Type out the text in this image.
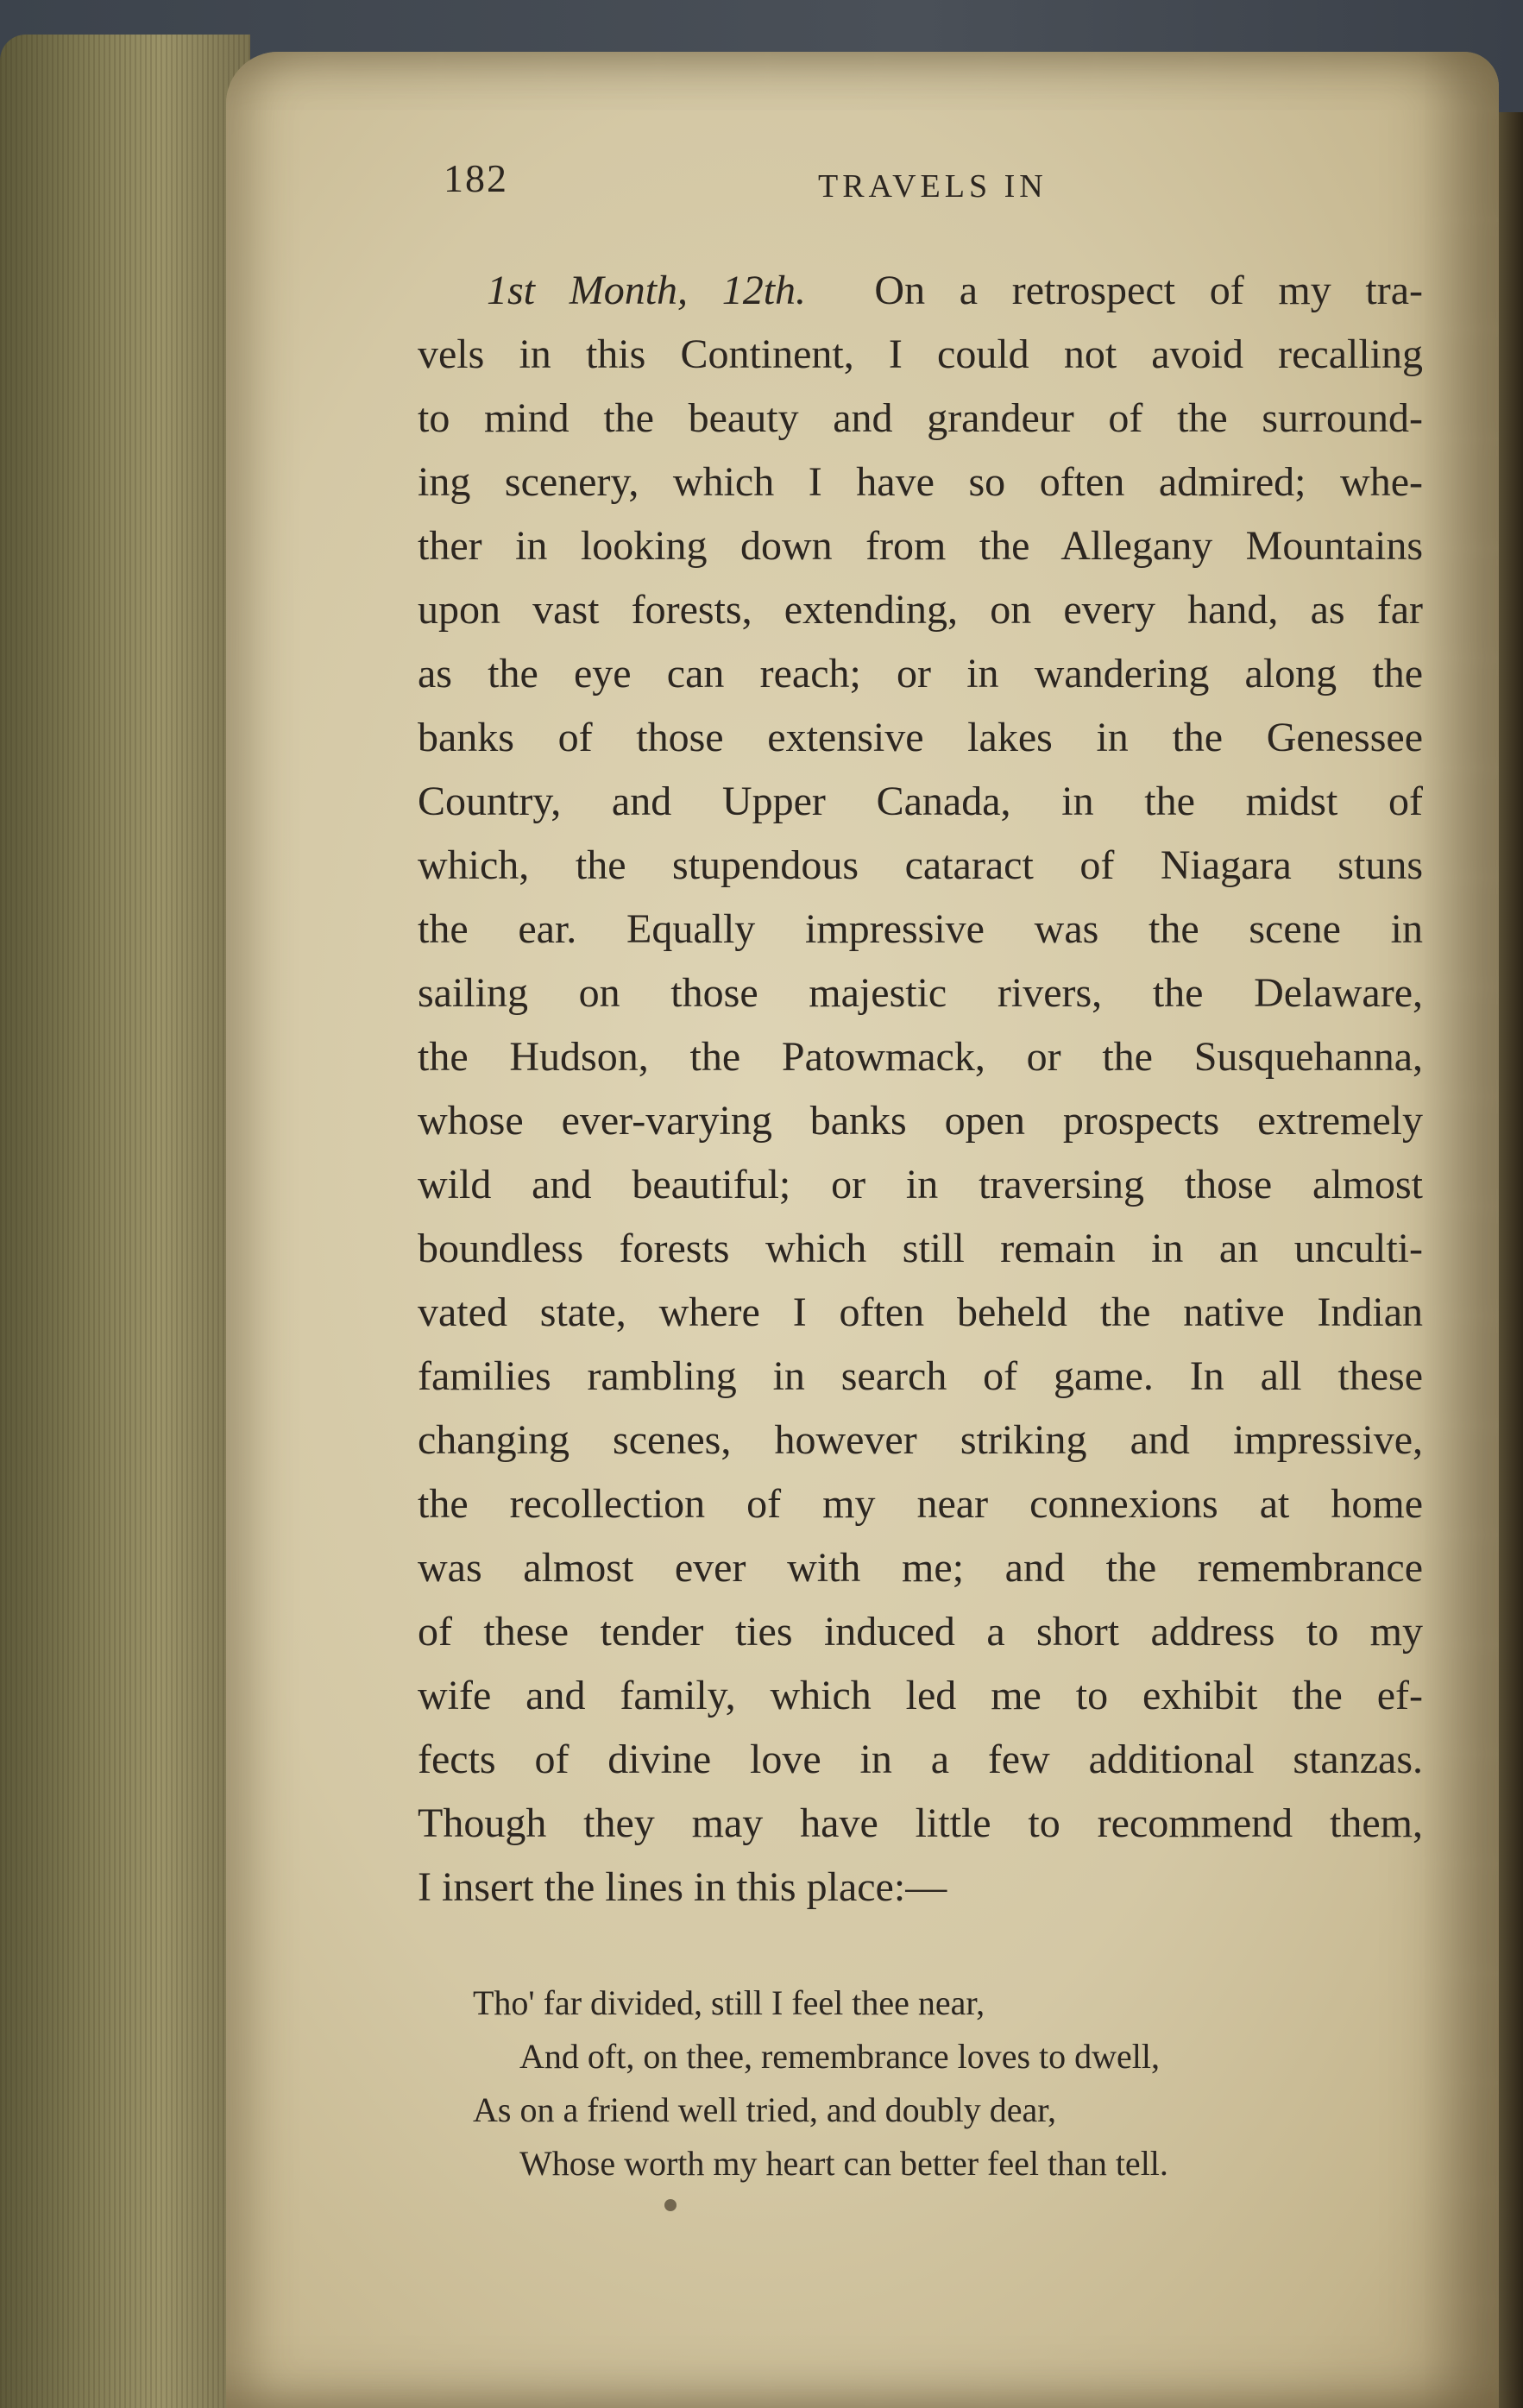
182	TRAVELS IN
1st Month, 12th. On a retrospect of my tra-
vels in this Continent, I could not avoid recalling
to mind the beauty and grandeur of the surround-
ing scenery, which I have so often admired; whe-
ther in looking down from the Allegany Mountains
upon vast forests, extending, on every hand, as far
as the eye can reach; or in wandering along the
banks of those extensive lakes in the Genessee
Country, and Upper Canada, in the midst of
which, the stupendous cataract of Niagara stuns
the ear. Equally impressive was the scene in
sailing on those majestic rivers, the Delaware,
the Hudson, the Patowmack, or the Susquehanna,
whose ever-varying banks open prospects extremely
wild and beautiful; or in traversing those almost
boundless forests which still remain in an unculti-
vated state, where I often beheld the native Indian
families rambling in search of game. In all these
changing scenes, however striking and impressive,
the recollection of my near connexions at home
was almost ever with me; and the remembrance
of these tender ties induced a short address to my
wife and family, which led me to exhibit the ef-
fects of divine love in a few additional stanzas.
Though they may have little to recommend them,
I insert the lines in this place:—
Tho' far divided, still I feel thee near,
And oft, on thee, remembrance loves to dwell,
As on a friend well tried, and doubly dear,
Whose worth my heart can better feel than tell.
